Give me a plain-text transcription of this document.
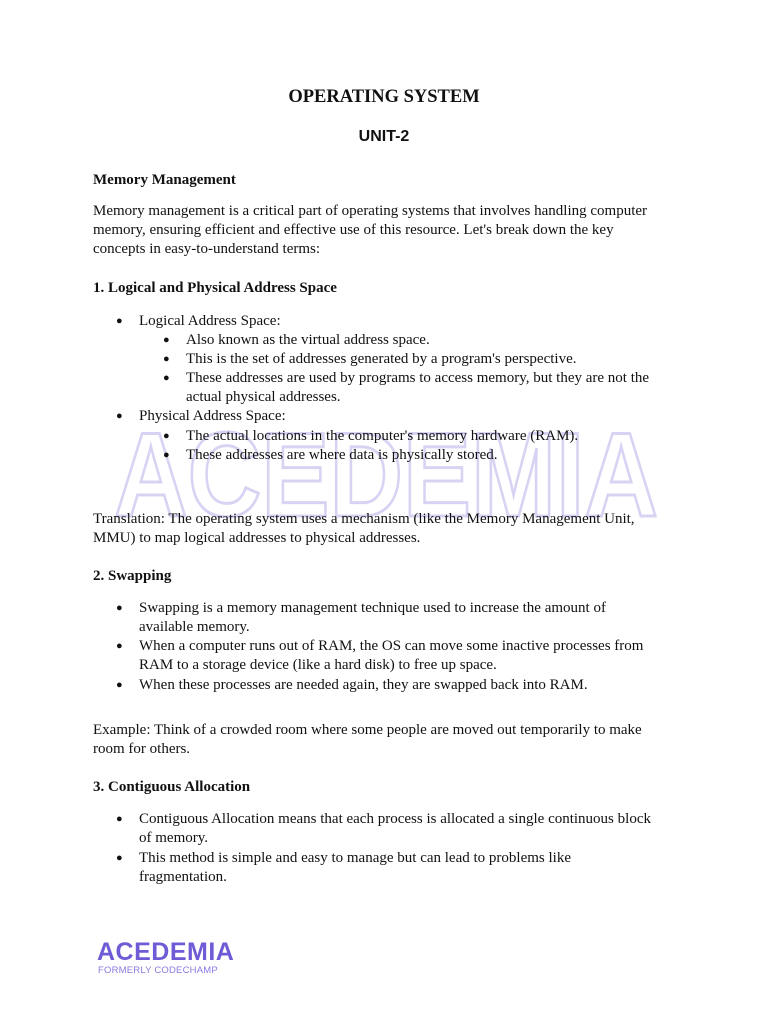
ACEDEMIA
OPERATING SYSTEM
UNIT-2
Memory Management
Memory management is a critical part of operating systems that involves handling computer
memory, ensuring efficient and effective use of this resource. Let's break down the key
concepts in easy-to-understand terms:
1. Logical and Physical Address Space
● Logical Address Space:
● Also known as the virtual address space.
● This is the set of addresses generated by a program's perspective.
● These addresses are used by programs to access memory, but they are not the
actual physical addresses.
● Physical Address Space:
● The actual locations in the computer's memory hardware (RAM).
● These addresses are where data is physically stored.
Translation: The operating system uses a mechanism (like the Memory Management Unit,
MMU) to map logical addresses to physical addresses.
2. Swapping
● Swapping is a memory management technique used to increase the amount of
available memory.
● When a computer runs out of RAM, the OS can move some inactive processes from
RAM to a storage device (like a hard disk) to free up space.
● When these processes are needed again, they are swapped back into RAM.
Example: Think of a crowded room where some people are moved out temporarily to make
room for others.
3. Contiguous Allocation
● Contiguous Allocation means that each process is allocated a single continuous block
of memory.
● This method is simple and easy to manage but can lead to problems like
fragmentation.
ACEDEMIA
FORMERLY CODECHAMP
